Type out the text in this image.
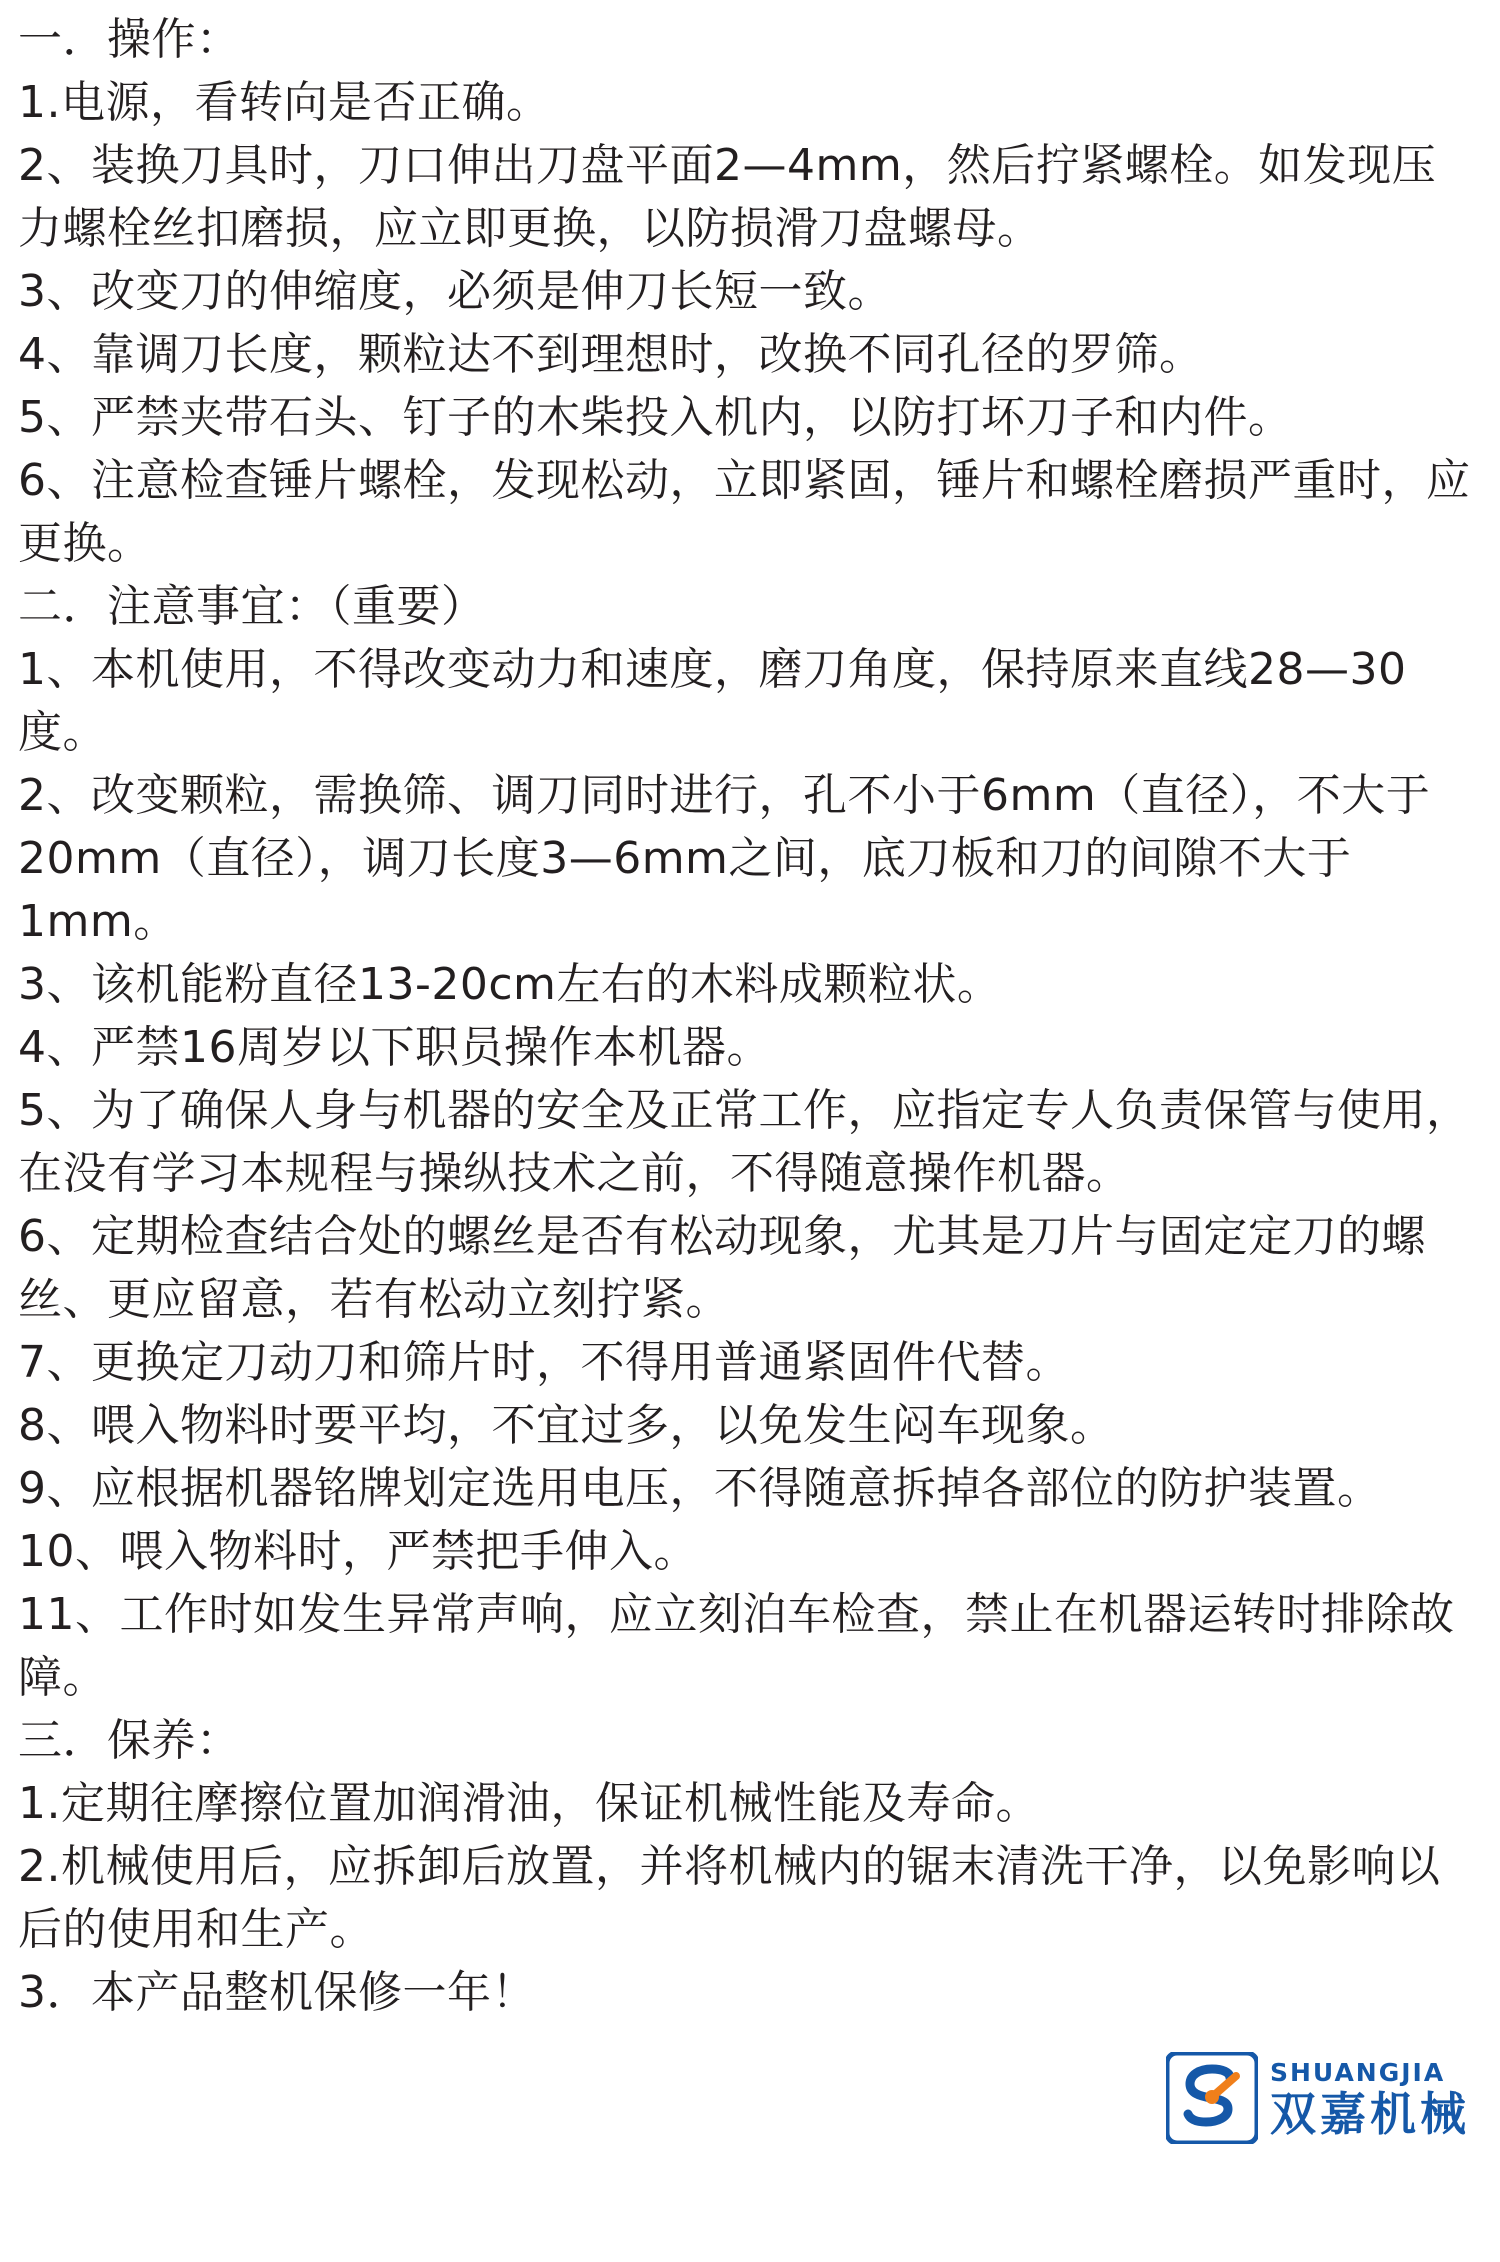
一．操作：
1.电源，看转向是否正确。
2、装换刀具时，刀口伸出刀盘平面2—4mm，然后拧紧螺栓。如发现压力螺栓丝扣磨损，应立即更换，以防损滑刀盘螺母。
3、改变刀的伸缩度，必须是伸刀长短一致。
4、靠调刀长度，颗粒达不到理想时，改换不同孔径的罗筛。
5、严禁夹带石头、钉子的木柴投入机内，以防打坏刀子和内件。
6、注意检查锤片螺栓，发现松动，立即紧固，锤片和螺栓磨损严重时，应更换。
二．注意事宜：（重要）
1、本机使用，不得改变动力和速度，磨刀角度，保持原来直线28—30度。
2、改变颗粒，需换筛、调刀同时进行，孔不小于6mm（直径），不大于20mm（直径），调刀长度3—6mm之间，底刀板和刀的间隙不大于1mm。
3、该机能粉直径13-20cm左右的木料成颗粒状。
4、严禁16周岁以下职员操作本机器。
5、为了确保人身与机器的安全及正常工作，应指定专人负责保管与使用，在没有学习本规程与操纵技术之前，不得随意操作机器。
6、定期检查结合处的螺丝是否有松动现象，尤其是刀片与固定定刀的螺丝、更应留意，若有松动立刻拧紧。
7、更换定刀动刀和筛片时，不得用普通紧固件代替。
8、喂入物料时要平均，不宜过多，以免发生闷车现象。
9、应根据机器铭牌划定选用电压，不得随意拆掉各部位的防护装置。
10、喂入物料时，严禁把手伸入。
11、工作时如发生异常声响，应立刻泊车检查，禁止在机器运转时排除故障。
三．保养：
1.定期往摩擦位置加润滑油，保证机械性能及寿命。
2.机械使用后，应拆卸后放置，并将机械内的锯末清洗干净，以免影响以后的使用和生产。
3．本产品整机保修一年！
SHUANGJIA
双嘉机械
